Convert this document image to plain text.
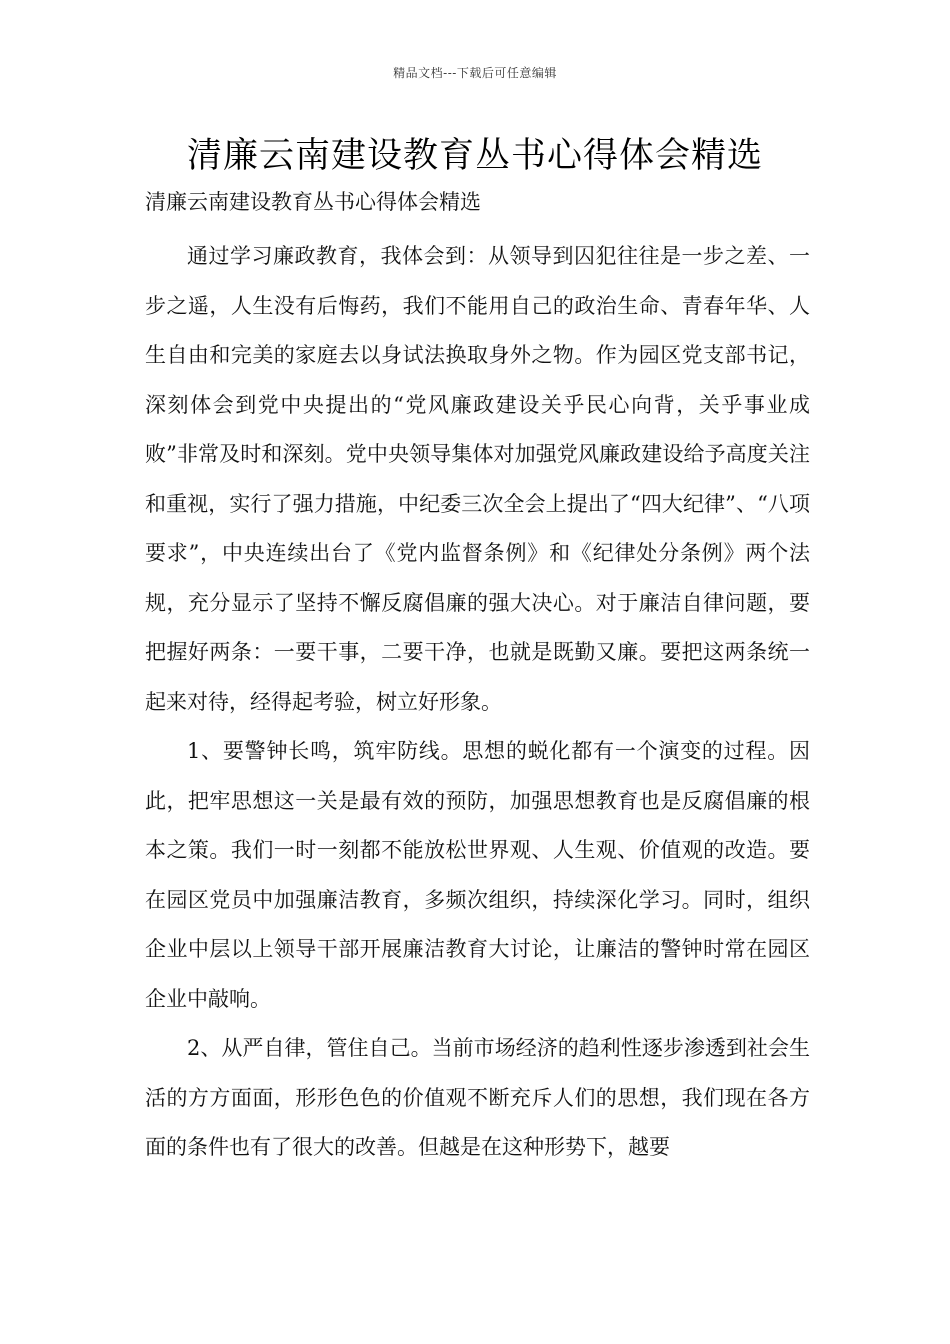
精品文档---下载后可任意编辑
清廉云南建设教育丛书心得体会精选
清廉云南建设教育丛书心得体会精选

通过学习廉政教育，我体会到：从领导到囚犯往往是一步之差、一步之遥，人生没有后悔药，我们不能用自己的政治生命、青春年华、人生自由和完美的家庭去以身试法换取身外之物。作为园区党支部书记，深刻体会到党中央提出的“党风廉政建设关乎民心向背，关乎事业成败”非常及时和深刻。党中央领导集体对加强党风廉政建设给予高度关注和重视，实行了强力措施，中纪委三次全会上提出了“四大纪律”、“八项要求”，中央连续出台了《党内监督条例》和《纪律处分条例》两个法规，充分显示了坚持不懈反腐倡廉的强大决心。对于廉洁自律问题，要把握好两条：一要干事，二要干净，也就是既勤又廉。要把这两条统一起来对待，经得起考验，树立好形象。

1、要警钟长鸣，筑牢防线。思想的蜕化都有一个演变的过程。因此，把牢思想这一关是最有效的预防，加强思想教育也是反腐倡廉的根本之策。我们一时一刻都不能放松世界观、人生观、价值观的改造。要在园区党员中加强廉洁教育，多频次组织，持续深化学习。同时，组织企业中层以上领导干部开展廉洁教育大讨论，让廉洁的警钟时常在园区企业中敲响。

2、从严自律，管住自己。当前市场经济的趋利性逐步渗透到社会生活的方方面面，形形色色的价值观不断充斥人们的思想，我们现在各方面的条件也有了很大的改善。但越是在这种形势下，越要
